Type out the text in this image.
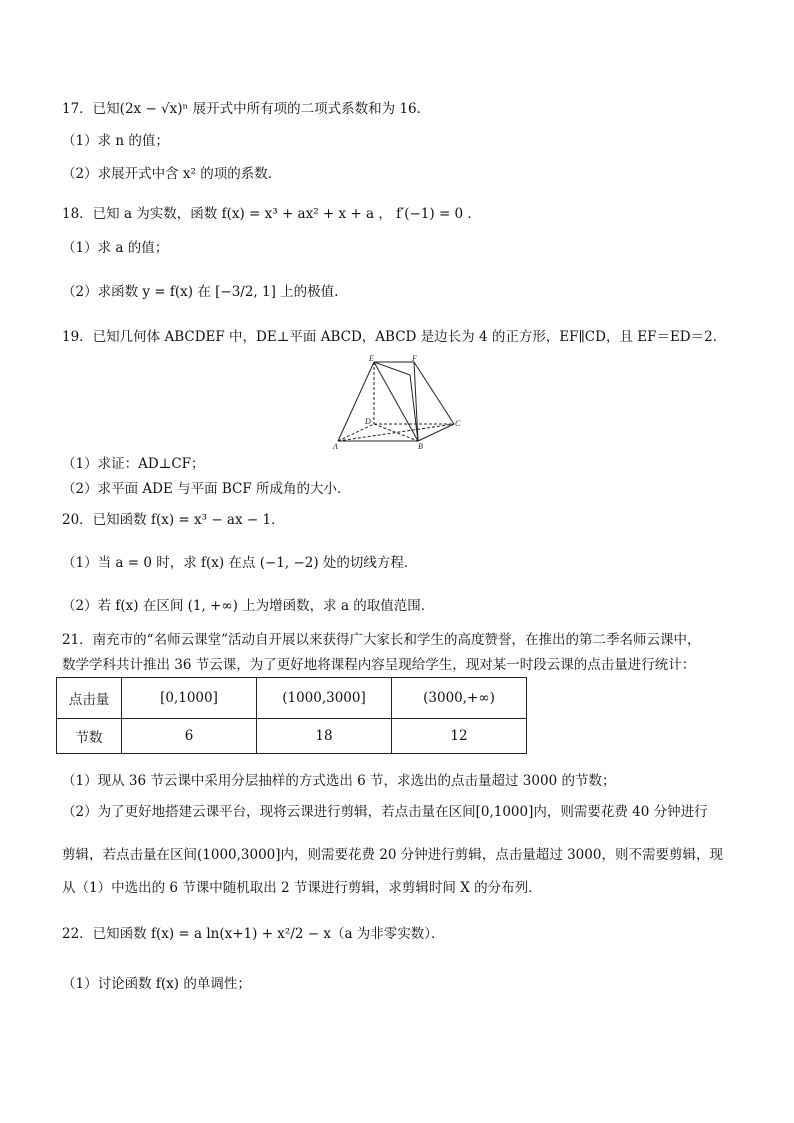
17．已知(2x − √x)ⁿ 展开式中所有项的二项式系数和为 16．
（1）求 n 的值；
（2）求展开式中含 x² 的项的系数．
18．已知 a 为实数，函数 f(x) = x³ + ax² + x + a ， f′(−1) = 0 ．
（1）求 a 的值；
（2）求函数 y = f(x) 在 [−3/2, 1] 上的极值.
19．已知几何体 ABCDEF 中，DE⊥平面 ABCD，ABCD 是边长为 4 的正方形，EF∥CD，且 EF＝ED＝2．
E	F
D	C
A	B
（1）求证：AD⊥CF；
（2）求平面 ADE 与平面 BCF 所成角的大小．
20．已知函数 f(x) = x³ − ax − 1．
（1）当 a = 0 时，求 f(x) 在点 (−1, −2) 处的切线方程．
（2）若 f(x) 在区间 (1, +∞) 上为增函数，求 a 的取值范围．
21．南充市的“名师云课堂”活动自开展以来获得广大家长和学生的高度赞誉，在推出的第二季名师云课中，
数学学科共计推出 36 节云课，为了更好地将课程内容呈现给学生，现对某一时段云课的点击量进行统计：
点击量	[0,1000]	(1000,3000]	(3000,+∞)
节数	6	18	12
（1）现从 36 节云课中采用分层抽样的方式选出 6 节，求选出的点击量超过 3000 的节数；
（2）为了更好地搭建云课平台，现将云课进行剪辑，若点击量在区间[0,1000]内，则需要花费 40 分钟进行
剪辑，若点击量在区间(1000,3000]内，则需要花费 20 分钟进行剪辑，点击量超过 3000，则不需要剪辑，现
从（1）中选出的 6 节课中随机取出 2 节课进行剪辑，求剪辑时间 X 的分布列．
22．已知函数 f(x) = a ln(x+1) + x²/2 − x（a 为非零实数）．
（1）讨论函数 f(x) 的单调性；
